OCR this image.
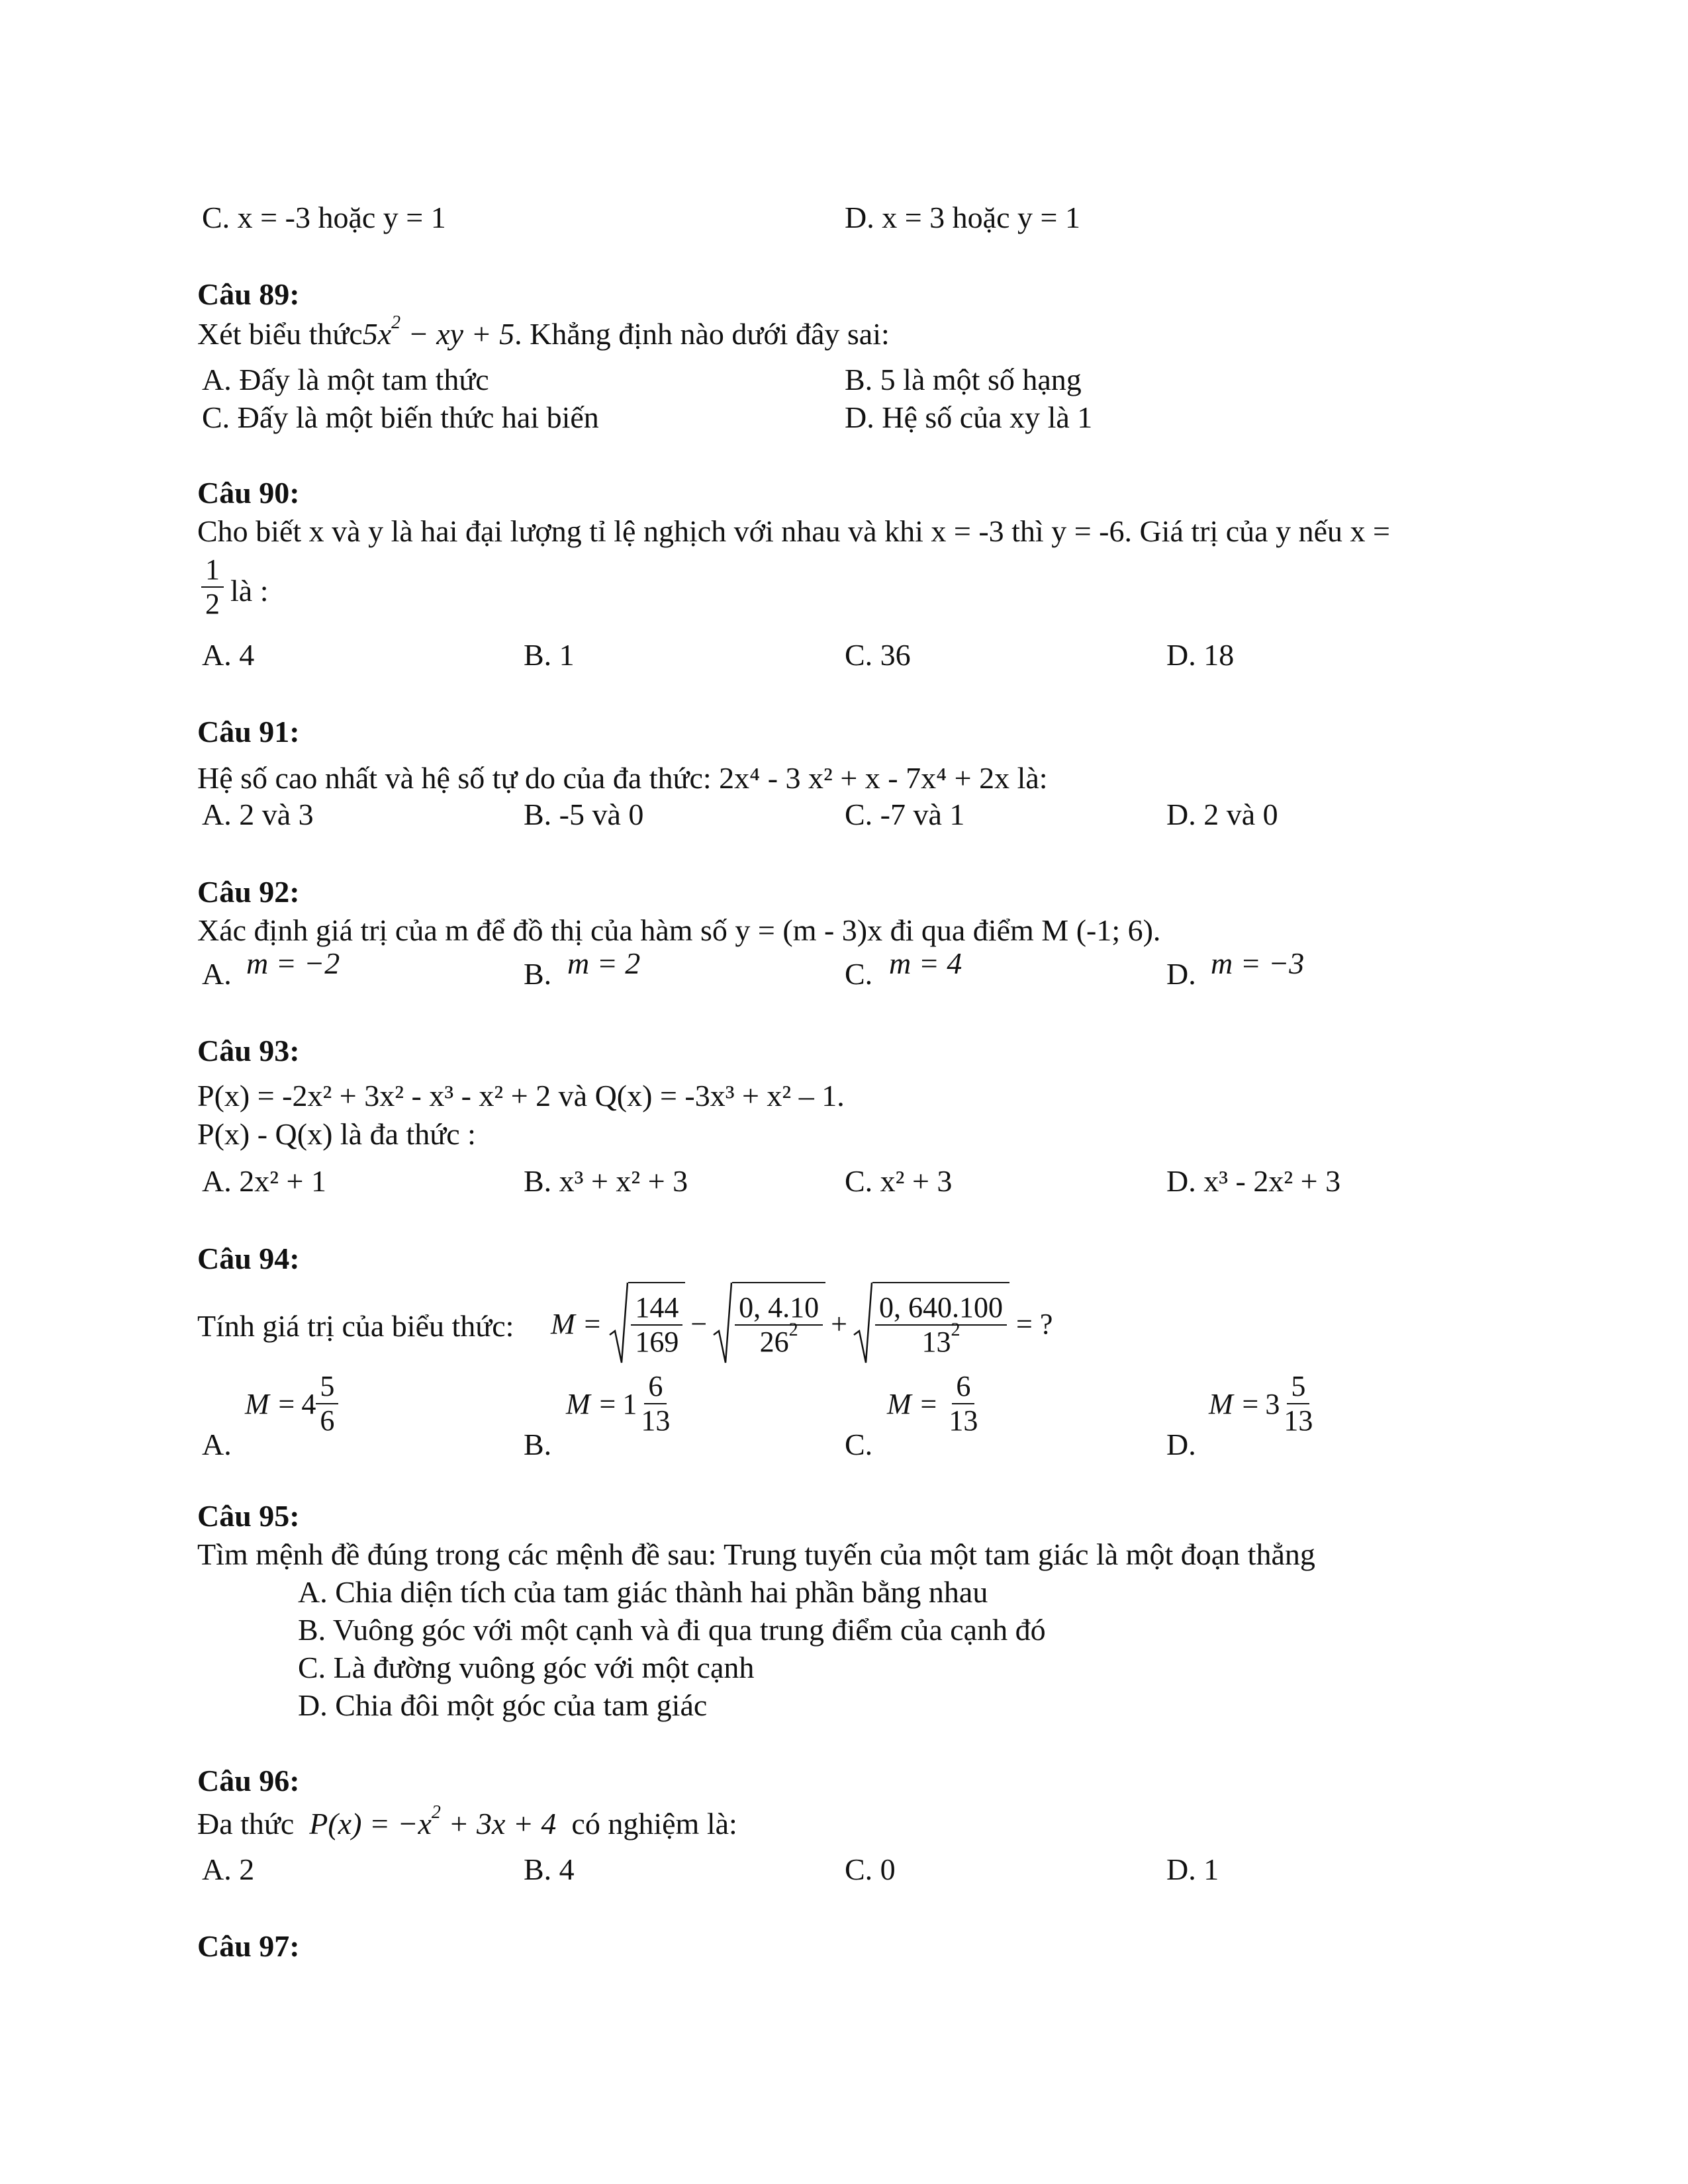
C. x = -3 hoặc y = 1	D. x = 3 hoặc y = 1
Câu 89:
Xét biểu $thức5x^2$ − xy + 5. Khẳng định nào dưới đây sai:
A. Đấy là một tam thức	B. 5 là một số hạng
C. Đấy là một biến thức hai biến	D. Hệ số của xy là 1
Câu 90:
Cho biết x và y là hai đại lượng tỉ lệ nghịch với nhau và khi x = -3 thì y = -6. Giá trị của y nếu x =
$\frac{1}{2}$ là :
A. 4	B. 1	C. 36	D. 18
Câu 91:
Hệ số cao nhất và hệ số tự do của đa thức: 2x⁴ - 3 x² + x - 7x⁴ + 2x là:
A. 2 và 3	B. -5 và 0	C. -7 và 1	D. 2 và 0
Câu 92:
Xác định giá trị của m để đồ thị của hàm số y = (m - 3)x đi qua điểm M (-1; 6).
A. m = −2	B. m = 2	C. m = 4	D. m = −3
Câu 93:
P(x) = -2x² + 3x² - x³ - x² + 2 và Q(x) = -3x³ + x² – 1.
P(x) - Q(x) là đa thức :
A. 2x² + 1	B. x³ + x² + 3	C. x² + 3	D. x³ - 2x² + 3
Câu 94:
Tính giá trị của biểu thức: $M = \frac{144}{169} - \frac{0, 4.10}{26^2} + \frac{0, 640.100}{13^2}$ = ?
A.
$M = 4 \frac{5}{6}$
B.
$M = 1 \frac{6}{13}$
C.
$M = \frac{6}{13}$
D.
$M = 3 \frac{5}{13}$
Câu 95:
Tìm mệnh đề đúng trong các mệnh đề sau: Trung tuyến của một tam giác là một đoạn thẳng
A. Chia diện tích của tam giác thành hai phần bằng nhau
B. Vuông góc với một cạnh và đi qua trung điểm của cạnh đó
C. Là đường vuông góc với một cạnh
D. Chia đôi một góc của tam giác
Câu 96:
Đa thức $P(x) = -x^2 + 3x + 4$ có nghiệm là:
A. 2	B. 4	C. 0	D. 1
Câu 97:
